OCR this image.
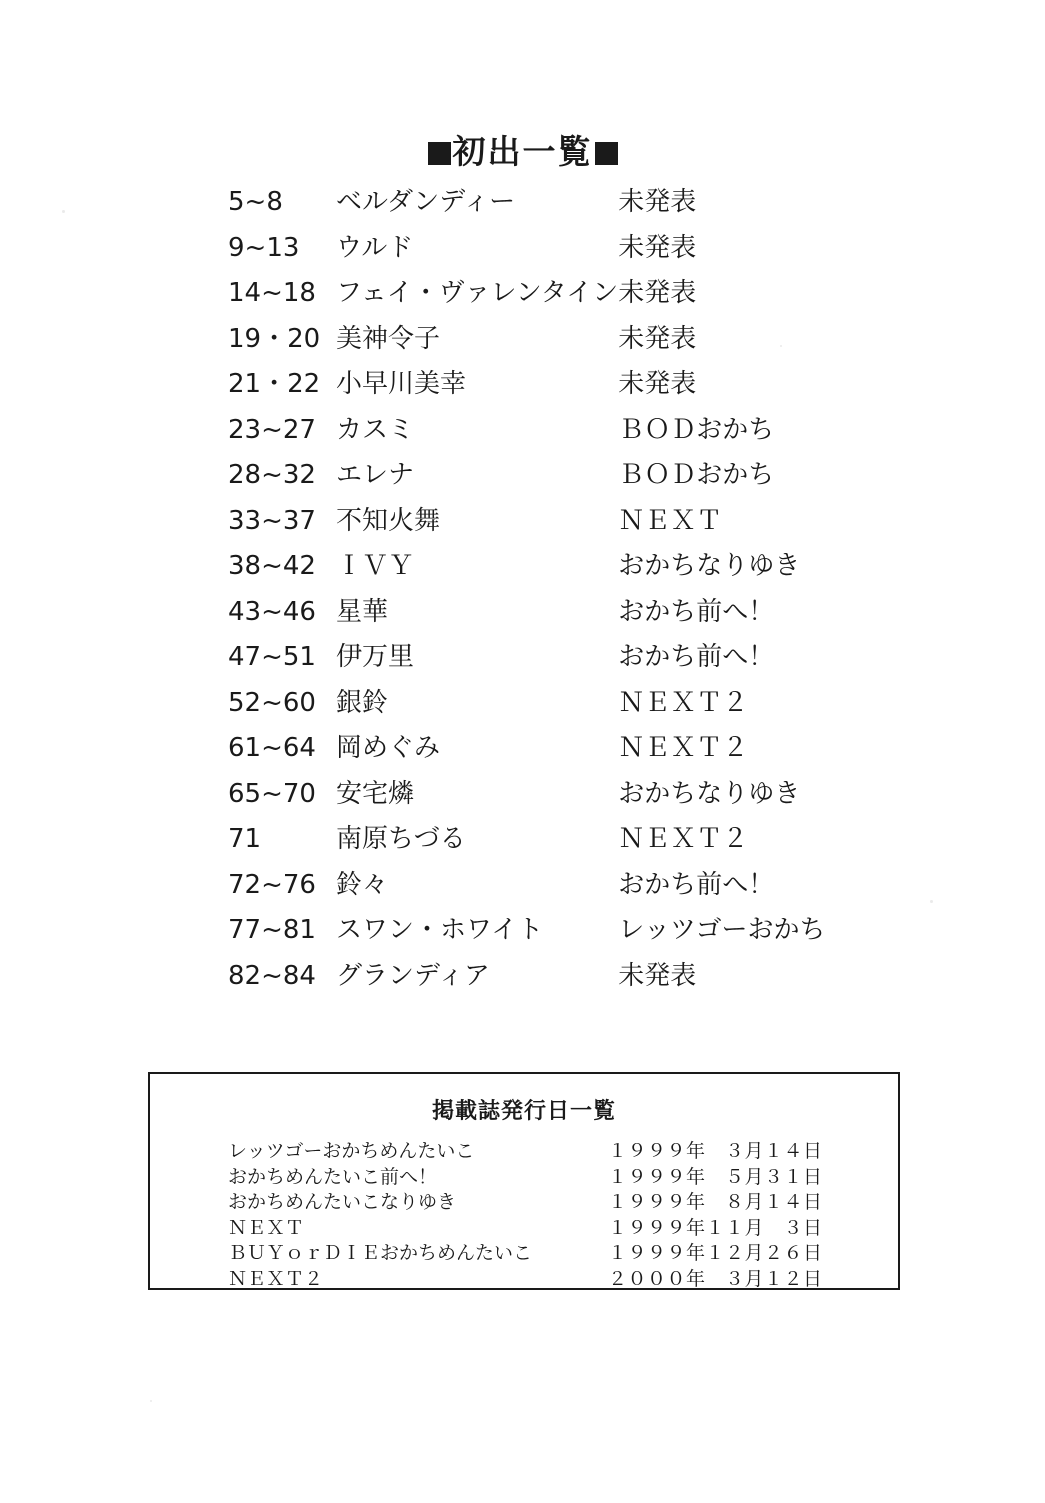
初出一覧
5~8	ベルダンディー	未発表
9~13	ウルド	未発表
14~18	フェイ・ヴァレンタイン	未発表
19・20	美神令子	未発表
21・22	小早川美幸	未発表
23~27	カスミ	ＢＯＤおかち
28~32	エレナ	ＢＯＤおかち
33~37	不知火舞	ＮＥＸＴ
38~42	ＩＶＹ	おかちなりゆき
43~46	星華	おかち前へ！
47~51	伊万里	おかち前へ！
52~60	銀鈴	ＮＥＸＴ２
61~64	岡めぐみ	ＮＥＸＴ２
65~70	安宅燐	おかちなりゆき
71	南原ちづる	ＮＥＸＴ２
72~76	鈴々	おかち前へ！
77~81	スワン・ホワイト	レッツゴーおかち
82~84	グランディア	未発表
掲載誌発行日一覧
レッツゴーおかちめんたいこ	１９９９年　３月１４日
おかちめんたいこ前へ！	１９９９年　５月３１日
おかちめんたいこなりゆき	１９９９年　８月１４日
ＮＥＸＴ	１９９９年１１月　３日
ＢＵＹｏｒＤＩＥおかちめんたいこ	１９９９年１２月２６日
ＮＥＸＴ２	２０００年　３月１２日
